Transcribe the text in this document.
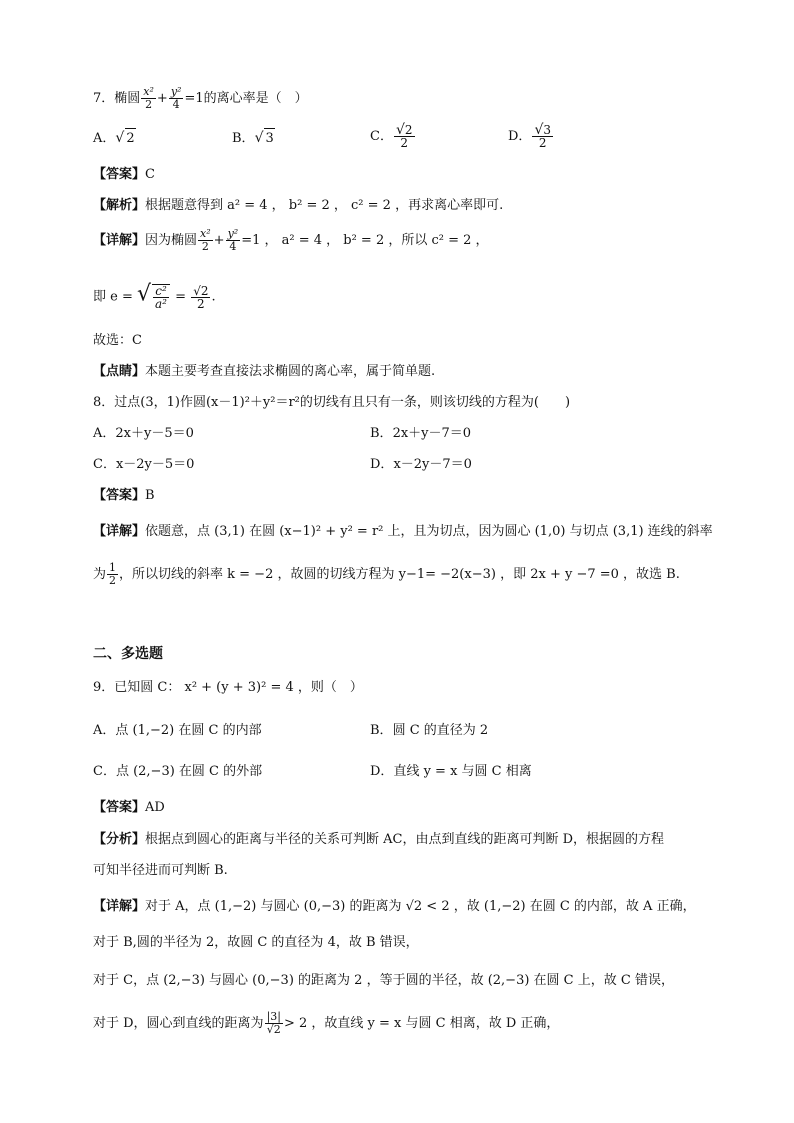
7．椭圆 $\frac{\text{x²}}{2} + \frac{\text{y²}}{4} =1$的离心率是（　）
A．√ 2	B．√ 3	C． $\frac{√2}{2}$	D． $\frac{√3}{2}$
【答案】C
【解析】根据题意得到 a² = 4 ， b² = 2 ， c² = 2 ，再求离心率即可.
【详解】因为椭圆 $\frac{\text{x²}}{2} + \frac{\text{y²}}{4} =1$ ， a² = 4 ， b² = 2 ，所以 c² = 2 ，
即 e = √ $\frac{\text{c²}}{\text{a²}} = \frac{√2}{2}$ .
故选：C
【点睛】本题主要考查直接法求椭圆的离心率，属于简单题.
8．过点(3，1)作圆(x－1)²＋y²＝r²的切线有且只有一条，则该切线的方程为(　　)
A．2x＋y－5＝0	B．2x＋y－7＝0
C．x－2y－5＝0	D．x－2y－7＝0
【答案】B
【详解】依题意，点 (3,1) 在圆 (x−1)² + y² = r² 上，且为切点，因为圆心 (1,0) 与切点 (3,1) 连线的斜率
为 $\frac{1}{2}$ ，所以切线的斜率 k = −2 ，故圆的切线方程为 y−1= −2(x−3) ，即 2x + y −7 =0 ，故选 B.
二、多选题
9．已知圆 C： x² + (y + 3)² = 4 ，则（　）
A．点 (1,−2) 在圆 C 的内部	B．圆 C 的直径为 2
C．点 (2,−3) 在圆 C 的外部	D．直线 y = x 与圆 C 相离
【答案】AD
【分析】根据点到圆心的距离与半径的关系可判断 AC，由点到直线的距离可判断 D，根据圆的方程
可知半径进而可判断 B.
【详解】对于 A，点 (1,−2) 与圆心 (0,−3) 的距离为 √2 < 2 ，故 (1,−2) 在圆 C 的内部，故 A 正确，
对于 B,圆的半径为 2，故圆 C 的直径为 4，故 B 错误，
对于 C，点 (2,−3) 与圆心 (0,−3) 的距离为 2 ，等于圆的半径，故 (2,−3) 在圆 C 上，故 C 错误，
对于 D，圆心到直线的距离为 $\frac{|3|}{√2} > 2$ ，故直线 y = x 与圆 C 相离，故 D 正确，
